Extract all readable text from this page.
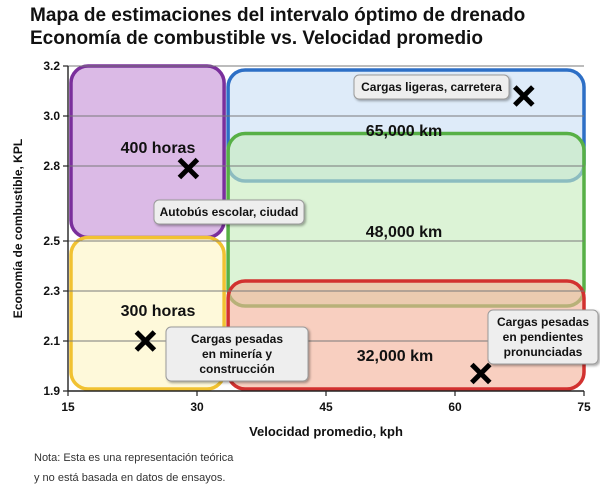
Mapa de estimaciones del intervalo óptimo de drenado
Economía de combustible vs. Velocidad promedio
1.9
2.1
2.3
2.5
2.8
3.0
3.2
15	30	45	60	75
Velocidad promedio, kph
Economía de combustible, KPL	400 horas
300 horas
65,000 km
48,000 km
32,000 km
Autobús escolar, ciudad
Cargas pesadas en minería y construcción
Cargas ligeras, carretera
Cargas pesadas en pendientes pronunciadas
Nota: Esta es una representación teórica
y no está basada en datos de ensayos.
